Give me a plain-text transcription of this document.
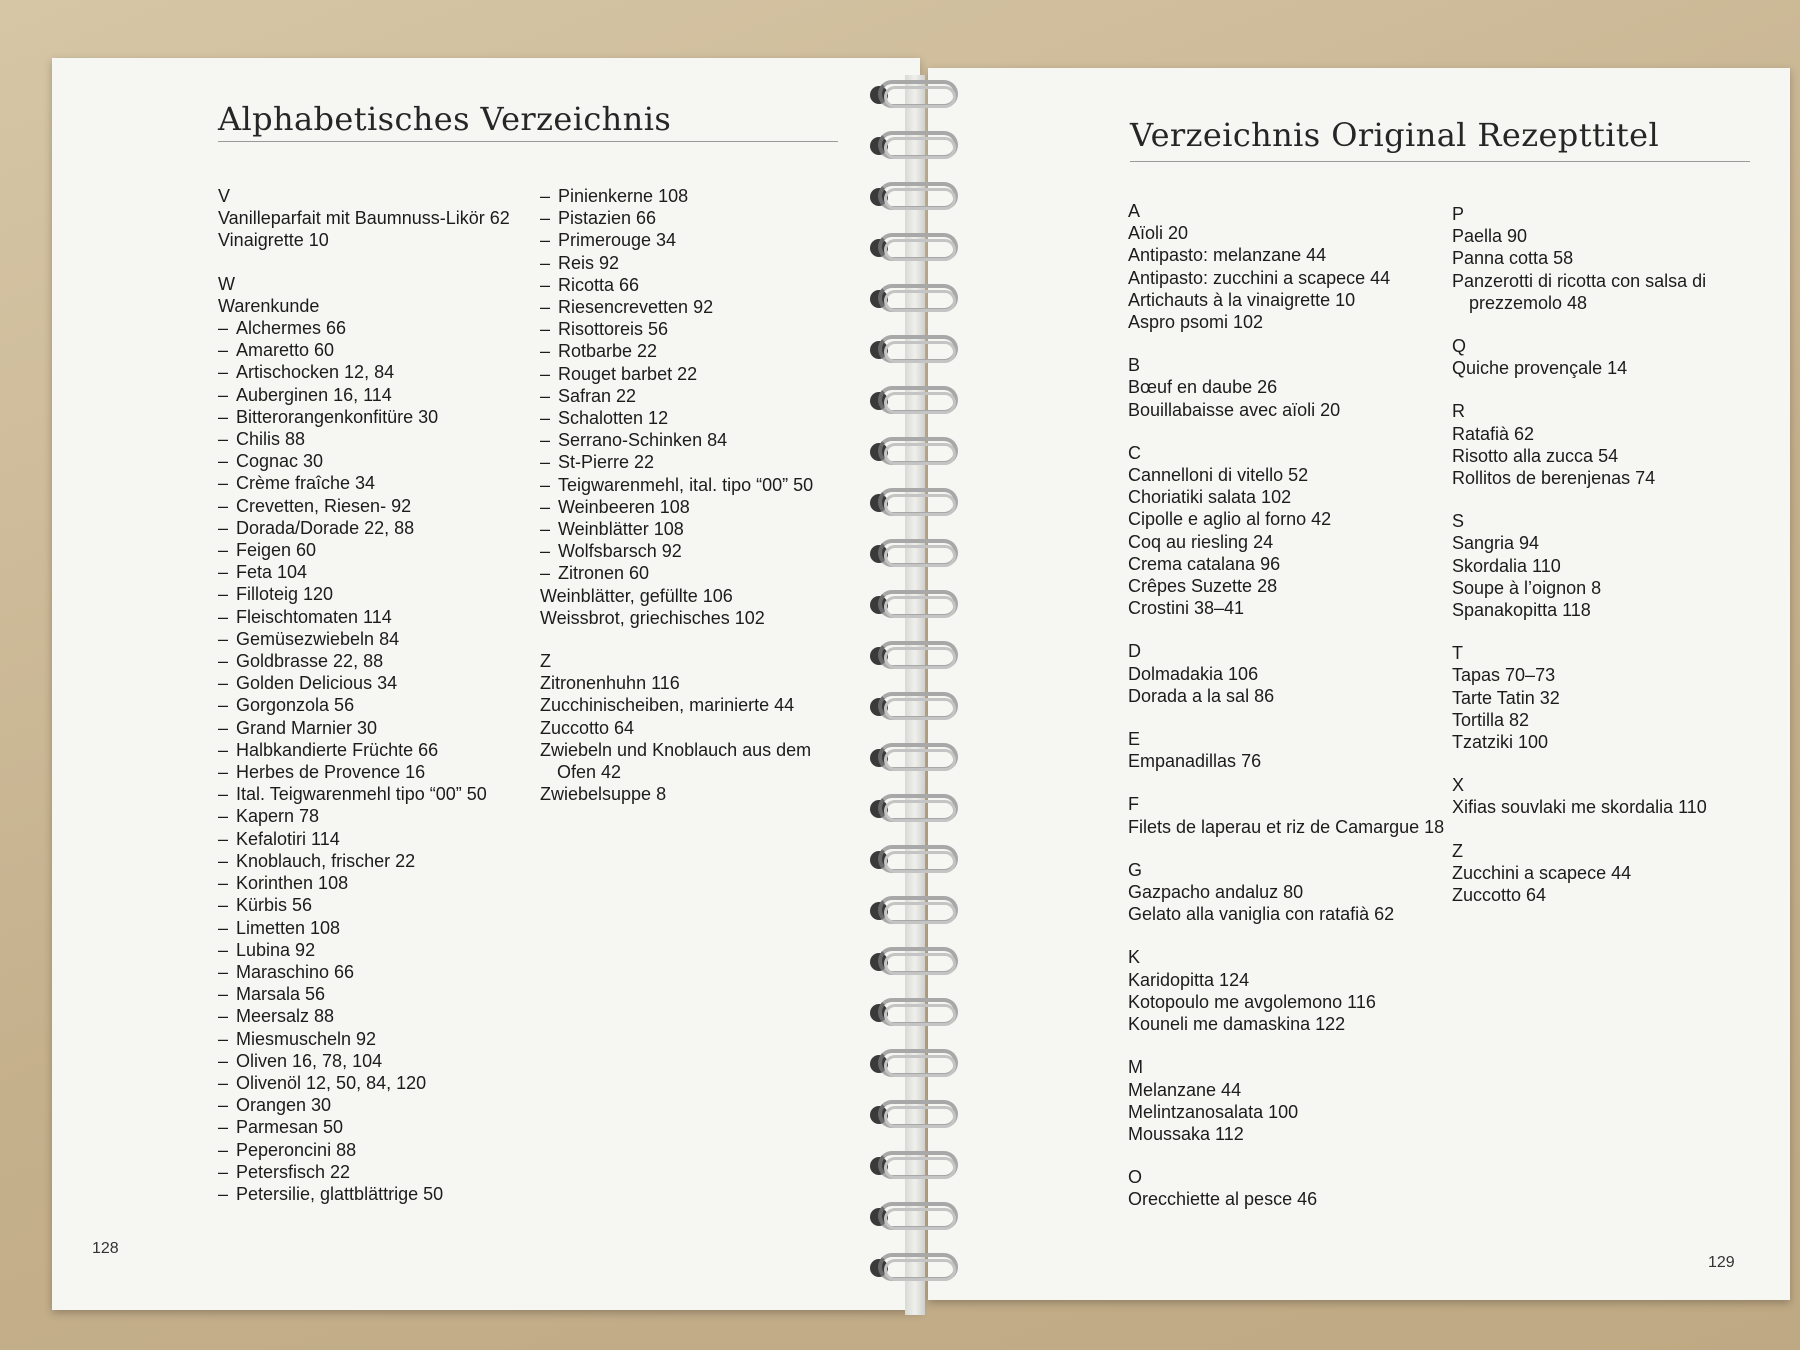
Alphabetisches Verzeichnis
V
Vanilleparfait mit Baumnuss-Likör 62
Vinaigrette 10
W
Warenkunde
– Alchermes 66
– Amaretto 60
– Artischocken 12, 84
– Auberginen 16, 114
– Bitterorangenkonfitüre 30
– Chilis 88
– Cognac 30
– Crème fraîche 34
– Crevetten, Riesen- 92
– Dorada/Dorade 22, 88
– Feigen 60
– Feta 104
– Filloteig 120
– Fleischtomaten 114
– Gemüsezwiebeln 84
– Goldbrasse 22, 88
– Golden Delicious 34
– Gorgonzola 56
– Grand Marnier 30
– Halbkandierte Früchte 66
– Herbes de Provence 16
– Ital. Teigwarenmehl tipo “00” 50
– Kapern 78
– Kefalotiri 114
– Knoblauch, frischer 22
– Korinthen 108
– Kürbis 56
– Limetten 108
– Lubina 92
– Maraschino 66
– Marsala 56
– Meersalz 88
– Miesmuscheln 92
– Oliven 16, 78, 104
– Olivenöl 12, 50, 84, 120
– Orangen 30
– Parmesan 50
– Peperoncini 88
– Petersfisch 22
– Petersilie, glattblättrige 50
– Pinienkerne 108
– Pistazien 66
– Primerouge 34
– Reis 92
– Ricotta 66
– Riesencrevetten 92
– Risottoreis 56
– Rotbarbe 22
– Rouget barbet 22
– Safran 22
– Schalotten 12
– Serrano-Schinken 84
– St-Pierre 22
– Teigwarenmehl, ital. tipo “00” 50
– Weinbeeren 108
– Weinblätter 108
– Wolfsbarsch 92
– Zitronen 60
Weinblätter, gefüllte 106
Weissbrot, griechisches 102
Z
Zitronenhuhn 116
Zucchinischeiben, marinierte 44
Zuccotto 64
Zwiebeln und Knoblauch aus dem
Ofen 42
Zwiebelsuppe 8
128
Verzeichnis Original Rezepttitel
A
Aïoli 20
Antipasto: melanzane 44
Antipasto: zucchini a scapece 44
Artichauts à la vinaigrette 10
Aspro psomi 102
B
Bœuf en daube 26
Bouillabaisse avec aïoli 20
C
Cannelloni di vitello 52
Choriatiki salata 102
Cipolle e aglio al forno 42
Coq au riesling 24
Crema catalana 96
Crêpes Suzette 28
Crostini 38–41
D
Dolmadakia 106
Dorada a la sal 86
E
Empanadillas 76
F
Filets de laperau et riz de Camargue 18
G
Gazpacho andaluz 80
Gelato alla vaniglia con ratafià 62
K
Karidopitta 124
Kotopoulo me avgolemono 116
Kouneli me damaskina 122
M
Melanzane 44
Melintzanosalata 100
Moussaka 112
O
Orecchiette al pesce 46
P
Paella 90
Panna cotta 58
Panzerotti di ricotta con salsa di
prezzemolo 48
Q
Quiche provençale 14
R
Ratafià 62
Risotto alla zucca 54
Rollitos de berenjenas 74
S
Sangria 94
Skordalia 110
Soupe à l’oignon 8
Spanakopitta 118
T
Tapas 70–73
Tarte Tatin 32
Tortilla 82
Tzatziki 100
X
Xifias souvlaki me skordalia 110
Z
Zucchini a scapece 44
Zuccotto 64
129
